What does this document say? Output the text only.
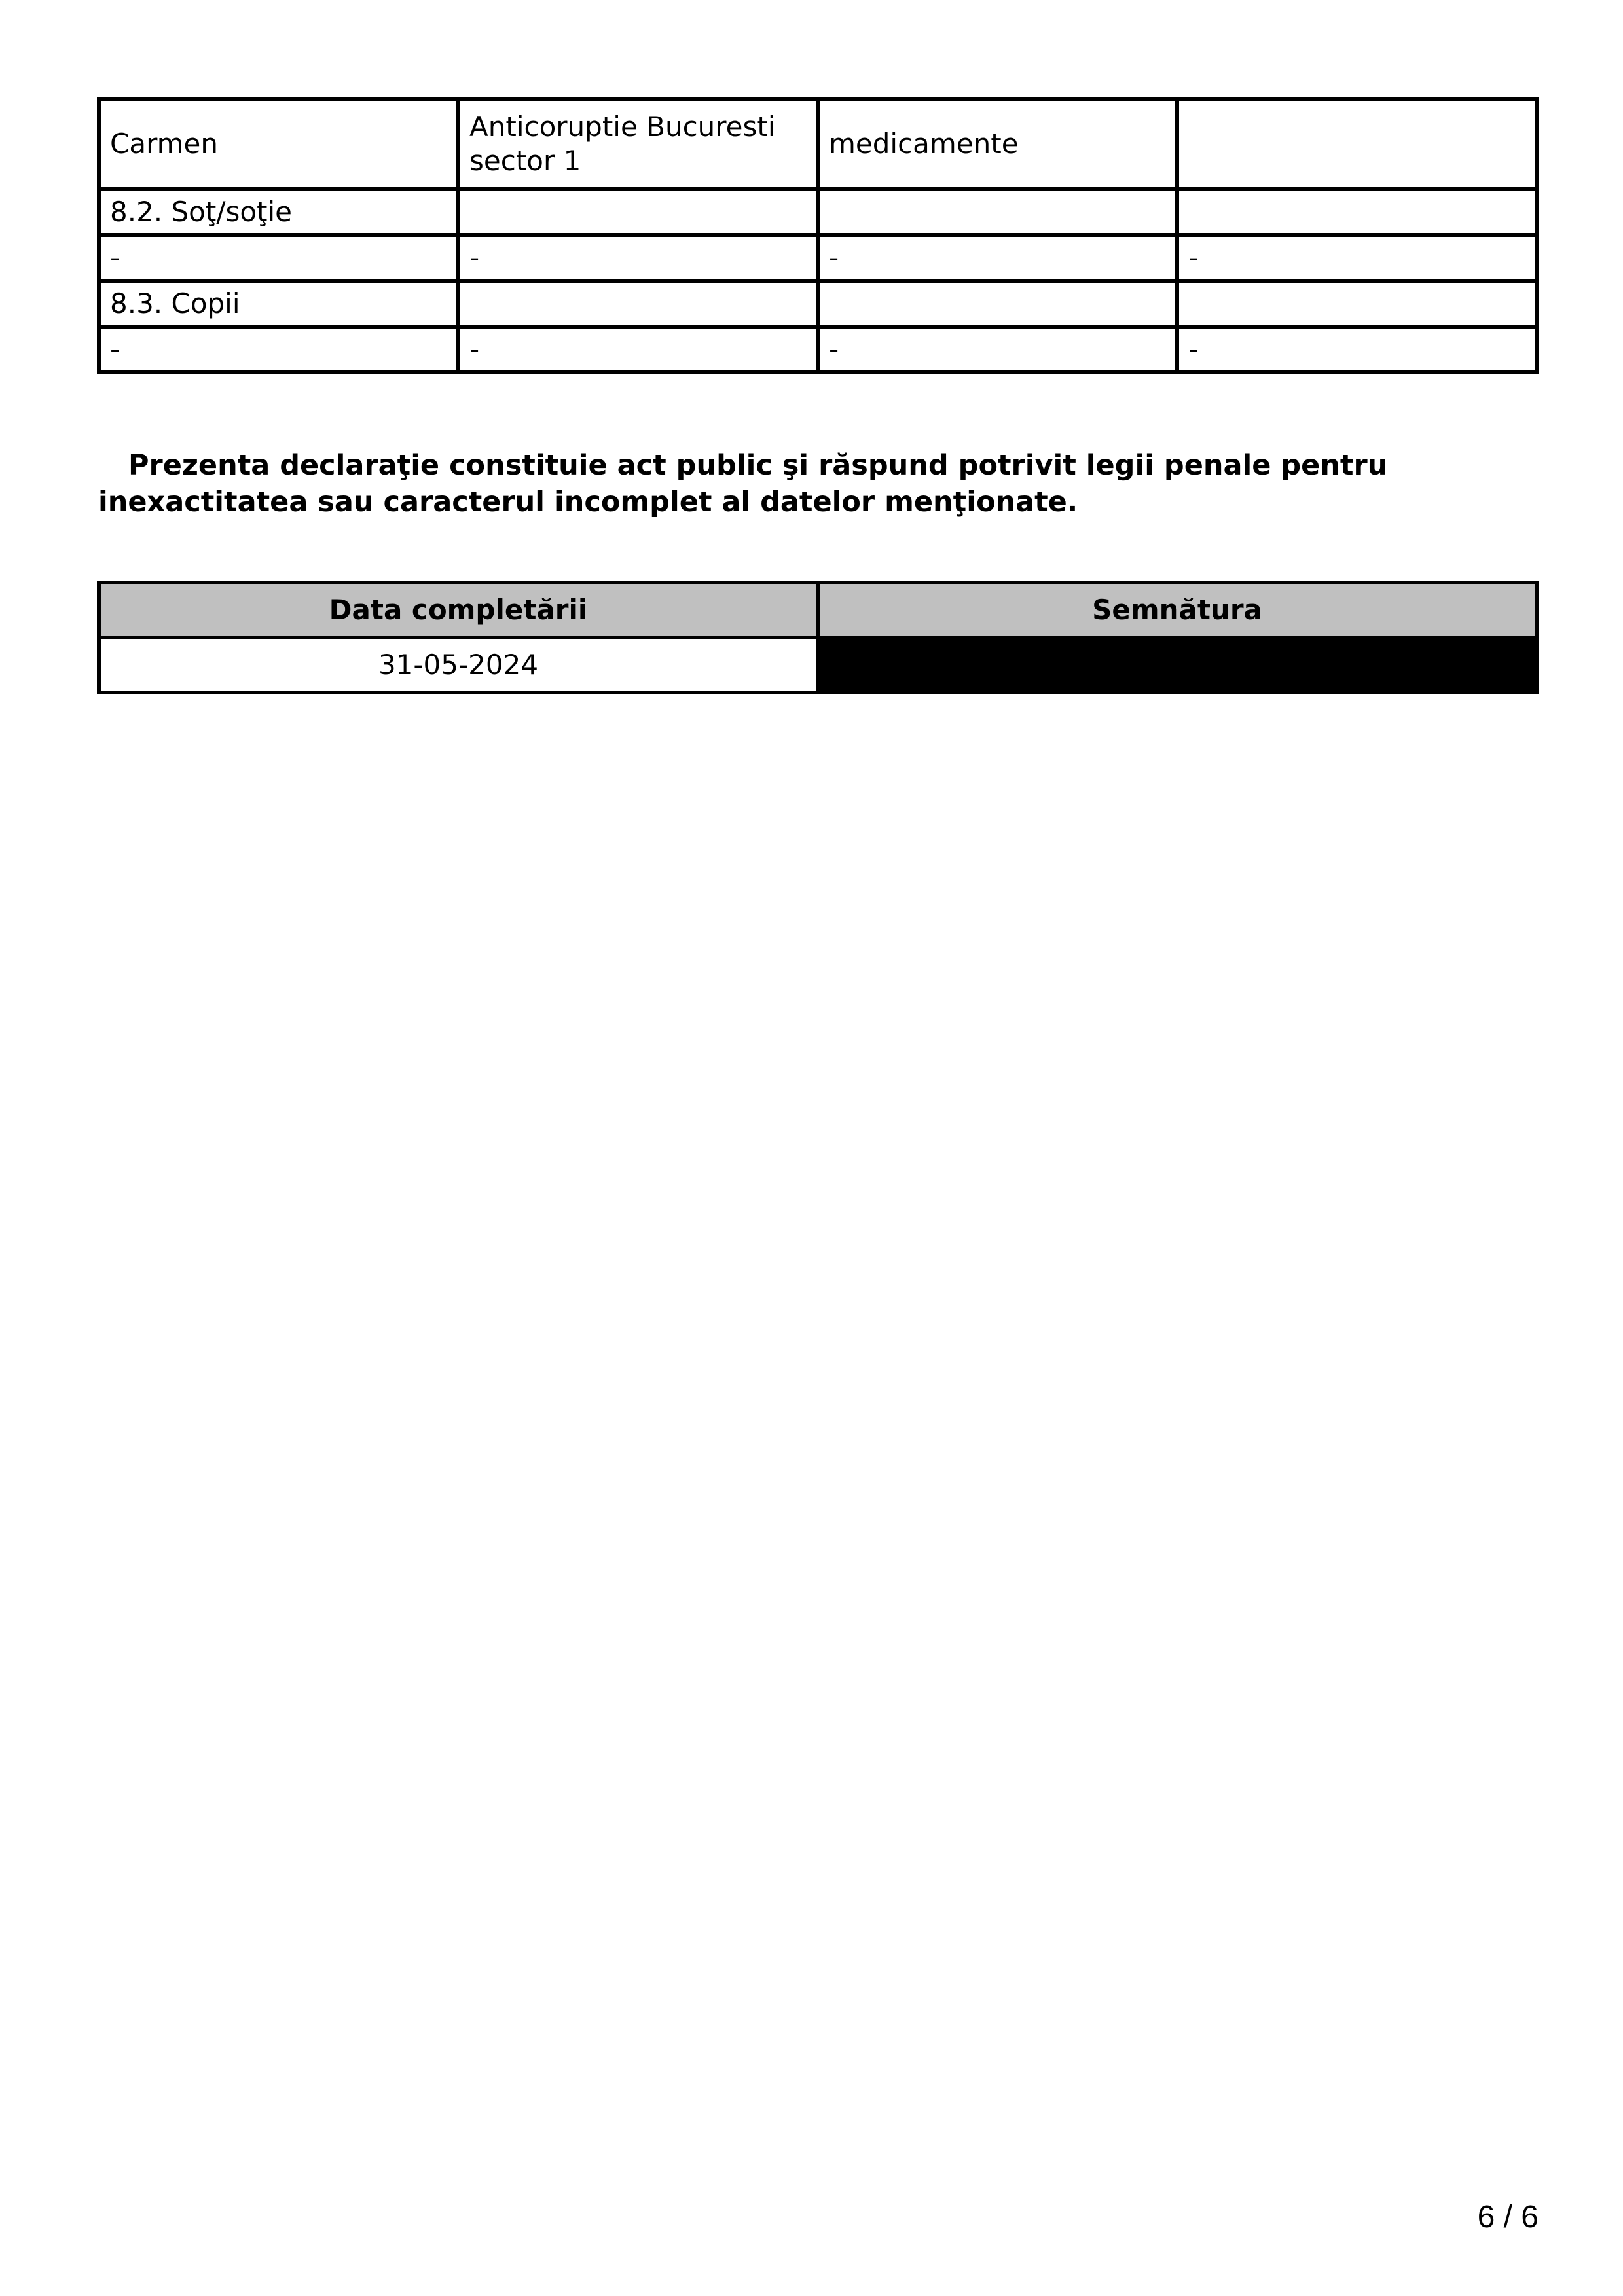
Carmen	Anticoruptie Bucuresti sector 1	medicamente	
8.2. Soţ/soţie			
-	-	-	-
8.3. Copii			
-	-	-	-
Prezenta declaraţie constituie act public şi răspund potrivit legii penale pentru inexactitatea sau caracterul incomplet al datelor menţionate.
Data completării	Semnătura
31-05-2024	
6 / 6
